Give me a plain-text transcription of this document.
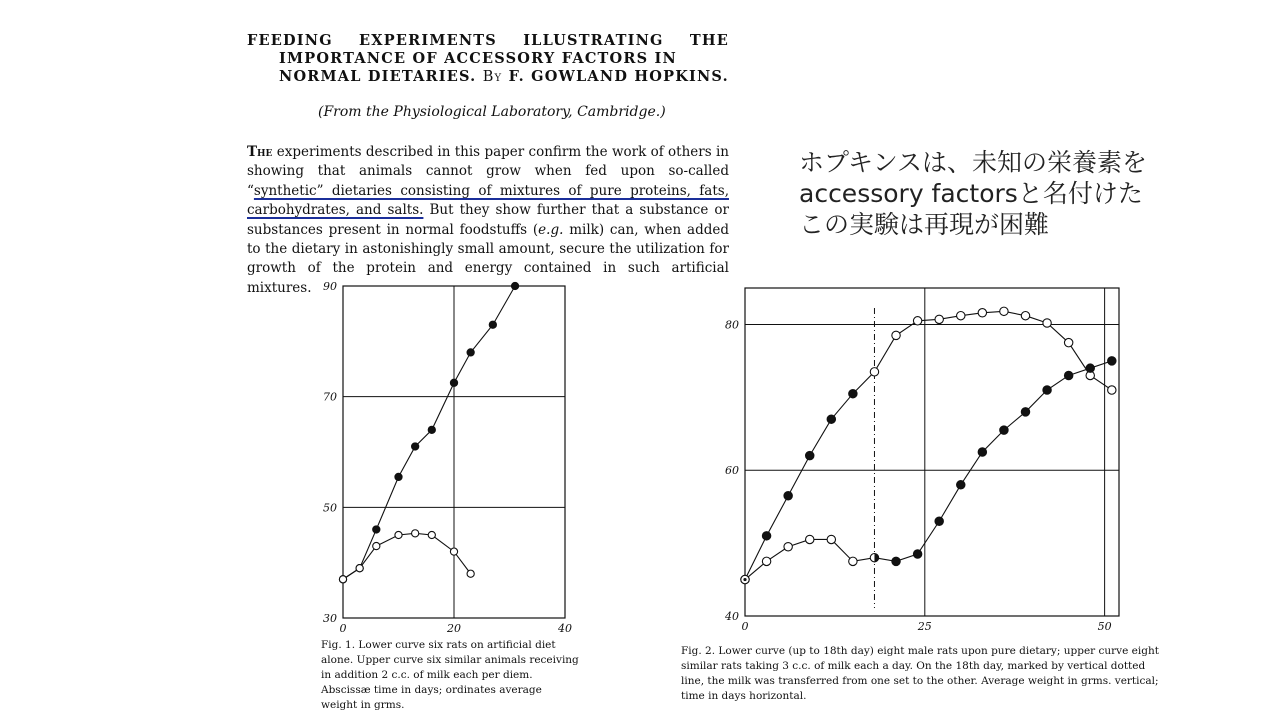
FEEDING EXPERIMENTS ILLUSTRATING THE
IMPORTANCE OF ACCESSORY FACTORS IN
NORMAL DIETARIES. By F. GOWLAND HOPKINS.
(From the Physiological Laboratory, Cambridge.)
The experiments described in this paper confirm the work of others in showing that animals cannot grow when fed upon so-called “synthetic” dietaries consisting of mixtures of pure proteins, fats, carbohydrates, and salts. But they show further that a substance or substances present in normal foodstuffs (e.g. milk) can, when added to the dietary in astonishingly small amount, secure the utilization for growth of the protein and energy contained in such artificial mixtures.
ホプキンスは、未知の栄養素を
accessory factorsと名付けた
この実験は再現が困難
30
50
70
90
0	20	40
40
60
80
0	25	50
Fig. 1. Lower curve six rats on artificial diet alone. Upper curve six similar animals receiving in addition 2 c.c. of milk each per diem. Abscissæ time in days; ordinates average weight in grms.
Fig. 2. Lower curve (up to 18th day) eight male rats upon pure dietary; upper curve eight similar rats taking 3 c.c. of milk each a day. On the 18th day, marked by vertical dotted line, the milk was transferred from one set to the other. Average weight in grms. vertical; time in days horizontal.
